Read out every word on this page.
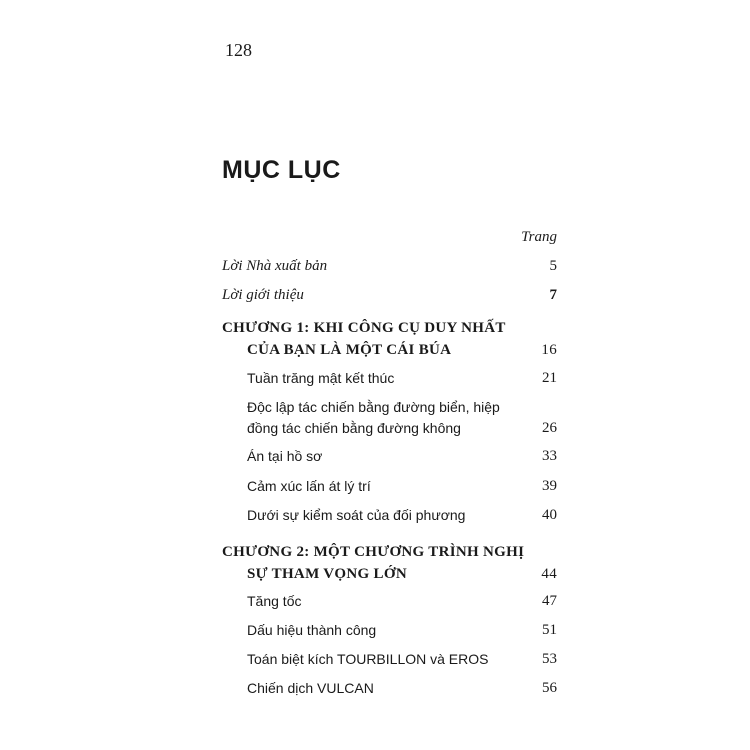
128
MỤC LỤC
Trang
Lời Nhà xuất bản	5
Lời giới thiệu	7
CHƯƠNG 1: KHI CÔNG CỤ DUY NHẤT
CỦA BẠN LÀ MỘT CÁI BÚA	16
Tuần trăng mật kết thúc	21
Độc lập tác chiến bằng đường biển, hiệp
đồng tác chiến bằng đường không	26
Án tại hồ sơ	33
Cảm xúc lấn át lý trí	39
Dưới sự kiểm soát của đối phương	40
CHƯƠNG 2: MỘT CHƯƠNG TRÌNH NGHỊ
SỰ THAM VỌNG LỚN	44
Tăng tốc	47
Dấu hiệu thành công	51
Toán biệt kích TOURBILLON và EROS	53
Chiến dịch VULCAN	56
